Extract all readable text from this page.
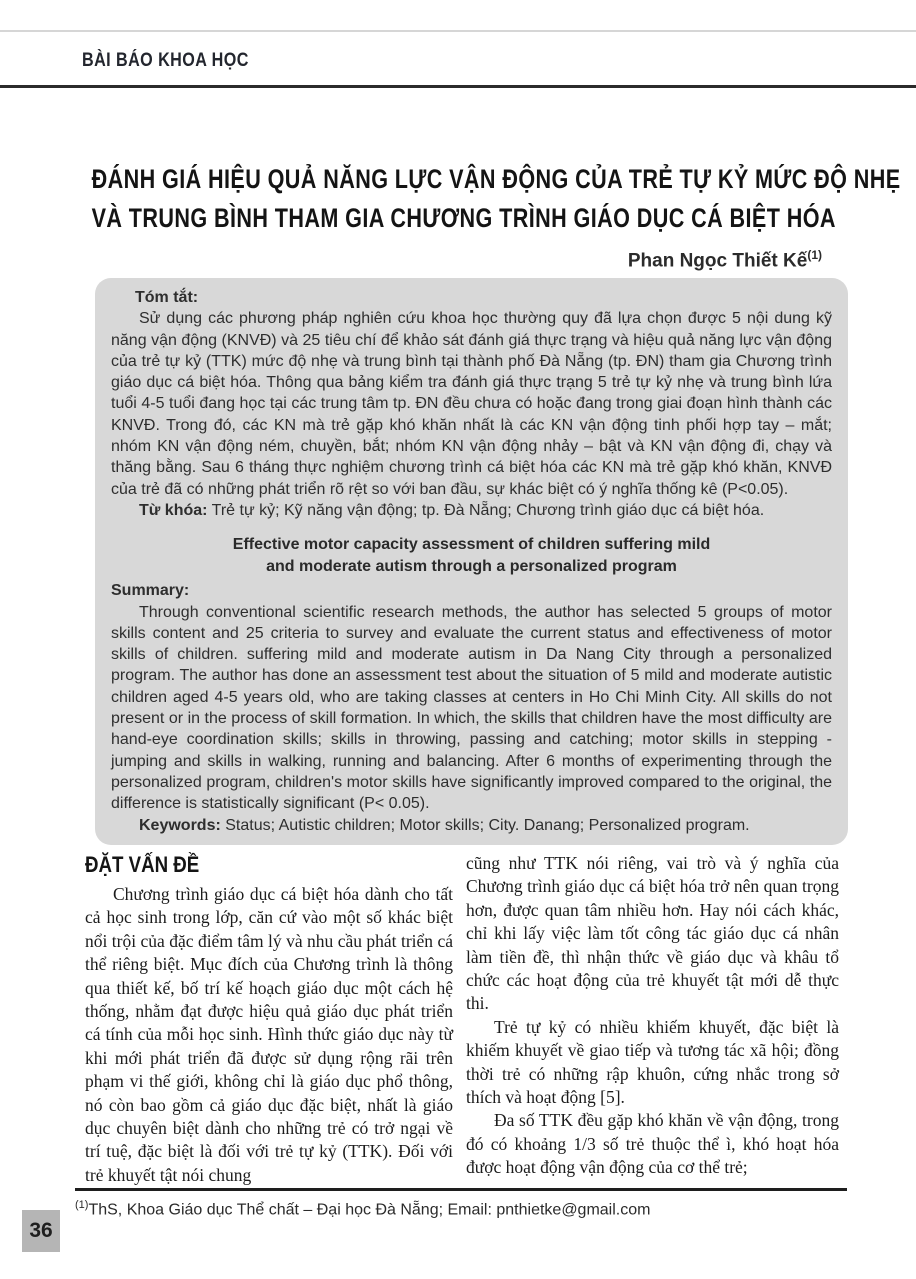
BÀI BÁO KHOA HỌC
ĐÁNH GIÁ HIỆU QUẢ NĂNG LỰC VẬN ĐỘNG CỦA TRẺ TỰ KỶ MỨC ĐỘ NHẸ
VÀ TRUNG BÌNH THAM GIA CHƯƠNG TRÌNH GIÁO DỤC CÁ BIỆT HÓA
Phan Ngọc Thiết Kế$^{(1)}$

Tóm tắt:

Sử dụng các phương pháp nghiên cứu khoa học thường quy đã lựa chọn được 5 nội dung kỹ năng vận động (KNVĐ) và 25 tiêu chí để khảo sát đánh giá thực trạng và hiệu quả năng lực vận động của trẻ tự kỷ (TTK) mức độ nhẹ và trung bình tại thành phố Đà Nẵng (tp. ĐN) tham gia Chương trình giáo dục cá biệt hóa. Thông qua bảng kiểm tra đánh giá thực trạng 5 trẻ tự kỷ nhẹ và trung bình lứa tuổi 4-5 tuổi đang học tại các trung tâm tp. ĐN đều chưa có hoặc đang trong giai đoạn hình thành các KNVĐ. Trong đó, các KN mà trẻ gặp khó khăn nhất là các KN vận động tinh phối hợp tay – mắt; nhóm KN vận động ném, chuyền, bắt; nhóm KN vận động nhảy – bật và KN vận động đi, chạy và thăng bằng. Sau 6 tháng thực nghiệm chương trình cá biệt hóa các KN mà trẻ gặp khó khăn, KNVĐ của trẻ đã có những phát triển rõ rệt so với ban đầu, sự khác biệt có ý nghĩa thống kê (P<0.05).

Từ khóa: Trẻ tự kỷ; Kỹ năng vận động; tp. Đà Nẵng; Chương trình giáo dục cá biệt hóa.

Effective motor capacity assessment of children suffering mild
and moderate autism through a personalized program

Summary:

Through conventional scientific research methods, the author has selected 5 groups of motor skills content and 25 criteria to survey and evaluate the current status and effectiveness of motor skills of children. suffering mild and moderate autism in Da Nang City through a personalized program. The author has done an assessment test about the situation of 5 mild and moderate autistic children aged 4-5 years old, who are taking classes at centers in Ho Chi Minh City. All skills do not present or in the process of skill formation. In which, the skills that children have the most difficulty are hand-eye coordination skills; skills in throwing, passing and catching; motor skills in stepping - jumping and skills in walking, running and balancing. After 6 months of experimenting through the personalized program, children's motor skills have significantly improved compared to the original, the difference is statistically significant (P< 0.05).

Keywords: Status; Autistic children; Motor skills; City. Danang; Personalized program.

ĐẶT VẤN ĐỀ

Chương trình giáo dục cá biệt hóa dành cho tất cả học sinh trong lớp, căn cứ vào một số khác biệt nổi trội của đặc điểm tâm lý và nhu cầu phát triển cá thể riêng biệt. Mục đích của Chương trình là thông qua thiết kế, bố trí kế hoạch giáo dục một cách hệ thống, nhằm đạt được hiệu quả giáo dục phát triển cá tính của mỗi học sinh. Hình thức giáo dục này từ khi mới phát triển đã được sử dụng rộng rãi trên phạm vi thế giới, không chỉ là giáo dục phổ thông, nó còn bao gồm cả giáo dục đặc biệt, nhất là giáo dục chuyên biệt dành cho những trẻ có trở ngại về trí tuệ, đặc biệt là đối với trẻ tự kỷ (TTK). Đối với trẻ khuyết tật nói chung

cũng như TTK nói riêng, vai trò và ý nghĩa của Chương trình giáo dục cá biệt hóa trở nên quan trọng hơn, được quan tâm nhiều hơn. Hay nói cách khác, chỉ khi lấy việc làm tốt công tác giáo dục cá nhân làm tiền đề, thì nhận thức về giáo dục và khâu tổ chức các hoạt động của trẻ khuyết tật mới dễ thực thi.

Trẻ tự kỷ có nhiều khiếm khuyết, đặc biệt là khiếm khuyết về giao tiếp và tương tác xã hội; đồng thời trẻ có những rập khuôn, cứng nhắc trong sở thích và hoạt động [5].

Đa số TTK đều gặp khó khăn về vận động, trong đó có khoảng 1/3 số trẻ thuộc thể ì, khó hoạt hóa được hoạt động vận động của cơ thể trẻ;

$^{(1)}$ThS, Khoa Giáo dục Thể chất – Đại học Đà Nẵng; Email: pnthietke@gmail.com

36
